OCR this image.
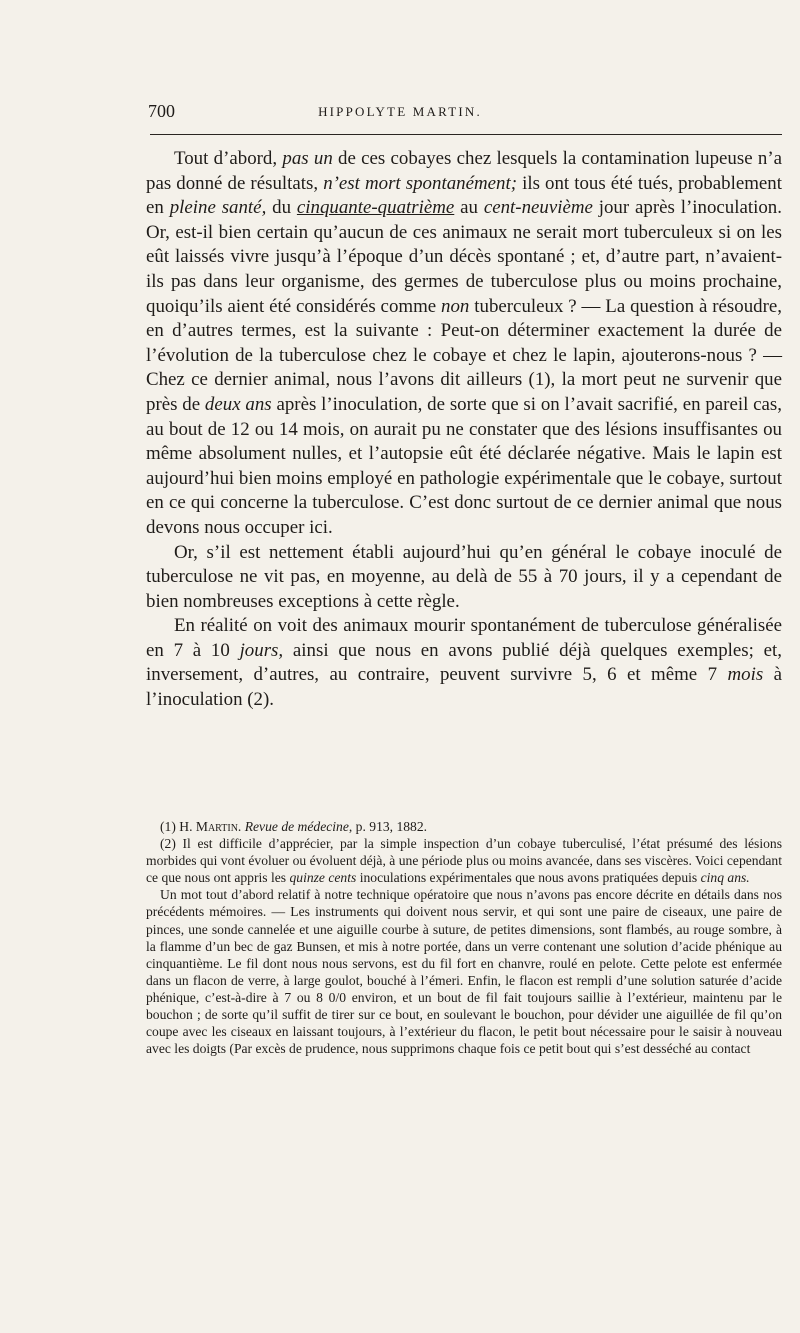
700	HIPPOLYTE MARTIN.

Tout d’abord, pas un de ces cobayes chez lesquels la contamination lupeuse n’a pas donné de résultats, n’est mort spontanément; ils ont tous été tués, probablement en pleine santé, du cinquante-quatrième au cent-neuvième jour après l’inoculation. Or, est-il bien certain qu’aucun de ces animaux ne serait mort tuberculeux si on les eût laissés vivre jusqu’à l’époque d’un décès spontané ; et, d’autre part, n’avaient-ils pas dans leur organisme, des germes de tuberculose plus ou moins prochaine, quoiqu’ils aient été considérés comme non tuberculeux ? — La question à résoudre, en d’autres termes, est la suivante : Peut-on déterminer exactement la durée de l’évolution de la tuberculose chez le cobaye et chez le lapin, ajouterons-nous ? — Chez ce dernier animal, nous l’avons dit ailleurs (1), la mort peut ne survenir que près de deux ans après l’inoculation, de sorte que si on l’avait sacrifié, en pareil cas, au bout de 12 ou 14 mois, on aurait pu ne constater que des lésions insuffisantes ou même absolument nulles, et l’autopsie eût été déclarée négative. Mais le lapin est aujourd’hui bien moins employé en pathologie expérimentale que le cobaye, surtout en ce qui concerne la tuberculose. C’est donc surtout de ce dernier animal que nous devons nous occuper ici.

Or, s’il est nettement établi aujourd’hui qu’en général le cobaye inoculé de tuberculose ne vit pas, en moyenne, au delà de 55 à 70 jours, il y a cependant de bien nombreuses exceptions à cette règle.

En réalité on voit des animaux mourir spontanément de tuberculose généralisée en 7 à 10 jours, ainsi que nous en avons publié déjà quelques exemples; et, inversement, d’autres, au contraire, peuvent survivre 5, 6 et même 7 mois à l’inoculation (2).

(1) H. Martin. Revue de médecine, p. 913, 1882.

(2) Il est difficile d’apprécier, par la simple inspection d’un cobaye tuberculisé, l’état présumé des lésions morbides qui vont évoluer ou évoluent déjà, à une période plus ou moins avancée, dans ses viscères. Voici cependant ce que nous ont appris les quinze cents inoculations expérimentales que nous avons pratiquées depuis cinq ans.

Un mot tout d’abord relatif à notre technique opératoire que nous n’avons pas encore décrite en détails dans nos précédents mémoires. — Les instruments qui doivent nous servir, et qui sont une paire de ciseaux, une paire de pinces, une sonde cannelée et une aiguille courbe à suture, de petites dimensions, sont flambés, au rouge sombre, à la flamme d’un bec de gaz Bunsen, et mis à notre portée, dans un verre contenant une solution d’acide phénique au cinquantième. Le fil dont nous nous servons, est du fil fort en chanvre, roulé en pelote. Cette pelote est enfermée dans un flacon de verre, à large goulot, bouché à l’émeri. Enfin, le flacon est rempli d’une solution saturée d’acide phénique, c’est-à-dire à 7 ou 8 0/0 environ, et un bout de fil fait toujours saillie à l’extérieur, maintenu par le bouchon ; de sorte qu’il suffit de tirer sur ce bout, en soulevant le bouchon, pour dévider une aiguillée de fil qu’on coupe avec les ciseaux en laissant toujours, à l’extérieur du flacon, le petit bout nécessaire pour le saisir à nouveau avec les doigts (Par excès de prudence, nous supprimons chaque fois ce petit bout qui s’est desséché au contact
